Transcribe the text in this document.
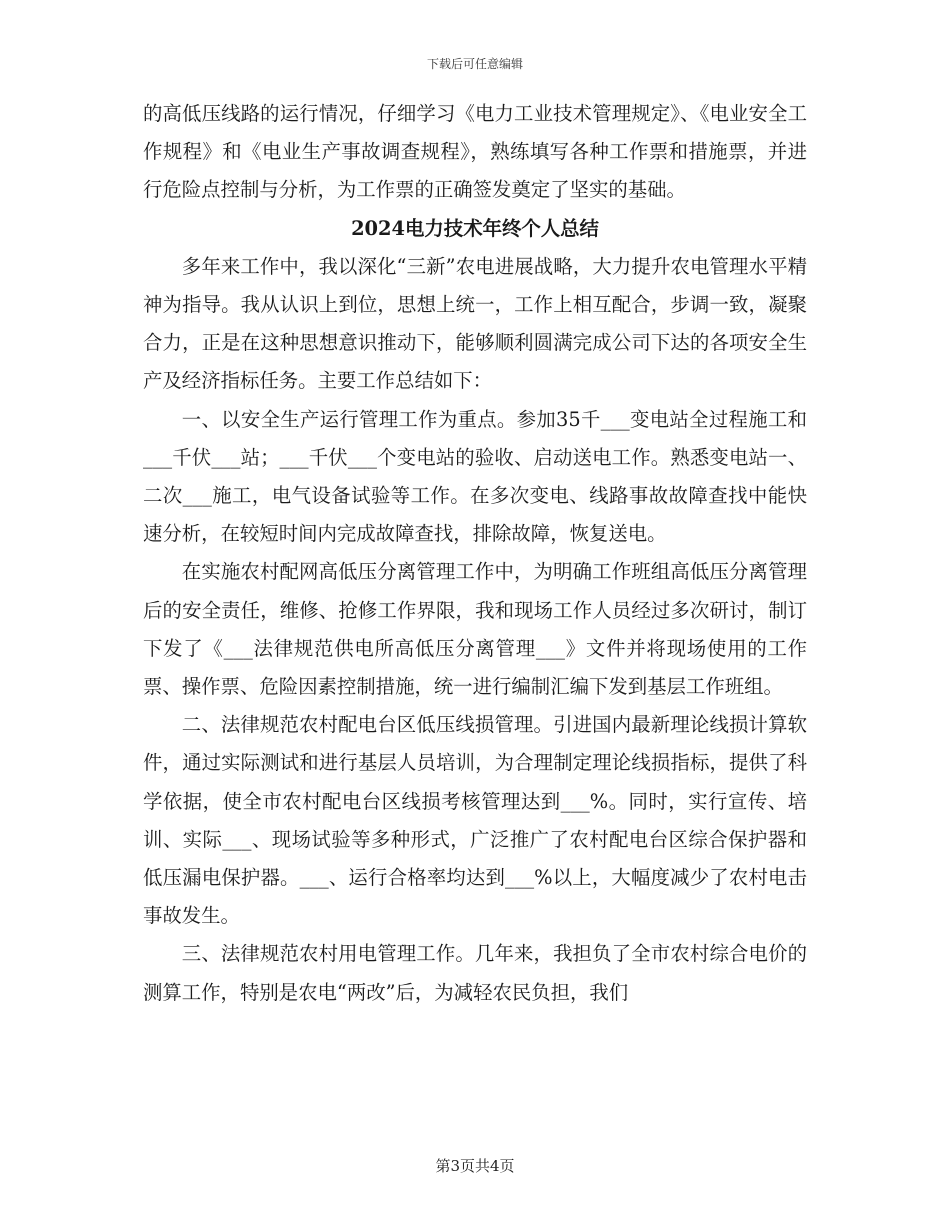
下载后可任意编辑

的高低压线路的运行情况，仔细学习《电力工业技术管理规定》、《电业安全工作规程》和《电业生产事故调查规程》，熟练填写各种工作票和措施票，并进行危险点控制与分析，为工作票的正确签发奠定了坚实的基础。

2024电力技术年终个人总结

多年来工作中，我以深化“三新”农电进展战略，大力提升农电管理水平精神为指导。我从认识上到位，思想上统一，工作上相互配合，步调一致，凝聚合力，正是在这种思想意识推动下，能够顺利圆满完成公司下达的各项安全生产及经济指标任务。主要工作总结如下：

一、以安全生产运行管理工作为重点。参加35千___变电站全过程施工和___千伏___站；___千伏___个变电站的验收、启动送电工作。熟悉变电站一、二次___施工，电气设备试验等工作。在多次变电、线路事故故障查找中能快速分析，在较短时间内完成故障查找，排除故障，恢复送电。

在实施农村配网高低压分离管理工作中，为明确工作班组高低压分离管理后的安全责任，维修、抢修工作界限，我和现场工作人员经过多次研讨，制订下发了《___法律规范供电所高低压分离管理___》文件并将现场使用的工作票、操作票、危险因素控制措施，统一进行编制汇编下发到基层工作班组。

二、法律规范农村配电台区低压线损管理。引进国内最新理论线损计算软件，通过实际测试和进行基层人员培训，为合理制定理论线损指标，提供了科学依据，使全市农村配电台区线损考核管理达到___%。同时，实行宣传、培训、实际___、现场试验等多种形式，广泛推广了农村配电台区综合保护器和低压漏电保护器。___、运行合格率均达到___%以上，大幅度减少了农村电击事故发生。

三、法律规范农村用电管理工作。几年来，我担负了全市农村综合电价的测算工作，特别是农电“两改”后，为减轻农民负担，我们

第3页共4页
